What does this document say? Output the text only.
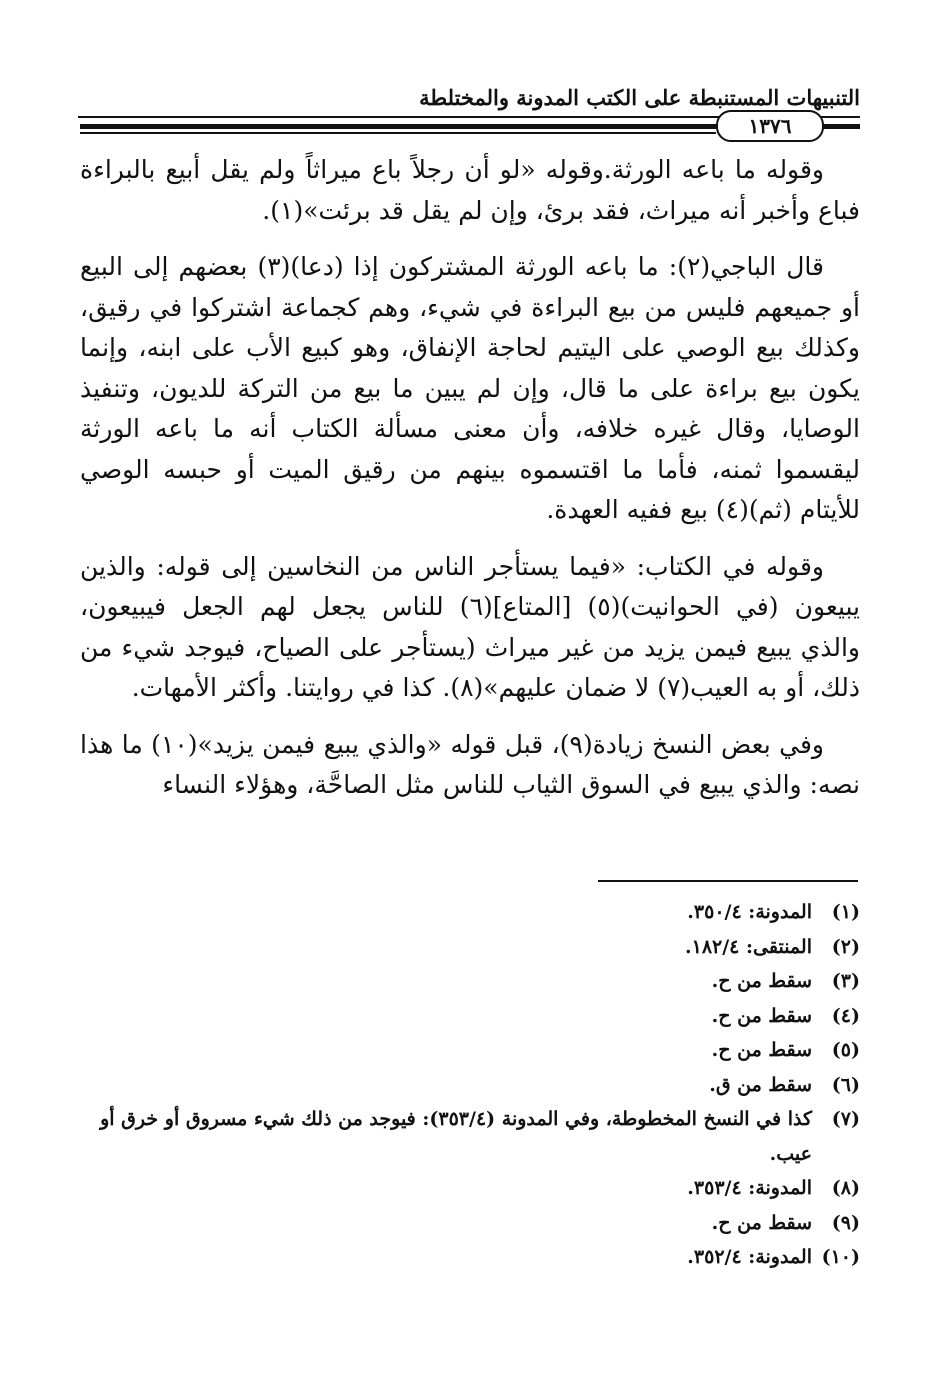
التنبيهات المستنبطة على الكتب المدونة والمختلطة
١٣٧٦

وقوله ما باعه الورثة.وقوله «لو أن رجلاً باع ميراثاً ولم يقل أبيع بالبراءة فباع وأخبر أنه ميراث، فقد برئ، وإن لم يقل قد برئت»(١).

قال الباجي(٢): ما باعه الورثة المشتركون إذا (دعا)(٣) بعضهم إلى البيع أو جميعهم فليس من بيع البراءة في شيء، وهم كجماعة اشتركوا في رقيق، وكذلك بيع الوصي على اليتيم لحاجة الإنفاق، وهو كبيع الأب على ابنه، وإنما يكون بيع براءة على ما قال، وإن لم يبين ما بيع من التركة للديون، وتنفيذ الوصايا، وقال غيره خلافه، وأن معنى مسألة الكتاب أنه ما باعه الورثة ليقسموا ثمنه، فأما ما اقتسموه بينهم من رقيق الميت أو حبسه الوصي للأيتام (ثم)(٤) بيع ففيه العهدة.

وقوله في الكتاب: «فيما يستأجر الناس من النخاسين إلى قوله: والذين يبيعون (في الحوانيت)(٥) [المتاع](٦) للناس يجعل لهم الجعل فيبيعون، والذي يبيع فيمن يزيد من غير ميراث (يستأجر على الصياح، فيوجد شيء من ذلك، أو به العيب(٧) لا ضمان عليهم»(٨). كذا في روايتنا. وأكثر الأمهات.

وفي بعض النسخ زيادة(٩)، قبل قوله «والذي يبيع فيمن يزيد»(١٠) ما هذا نصه: والذي يبيع في السوق الثياب للناس مثل الصاحَّة، وهؤلاء النساء

(١)
المدونة: ٣٥٠/٤.
(٢)
المنتقى: ١٨٢/٤.
(٣)
سقط من ح.
(٤)
سقط من ح.
(٥)
سقط من ح.
(٦)
سقط من ق.
(٧)
كذا في النسخ المخطوطة، وفي المدونة (٣٥٣/٤): فيوجد من ذلك شيء مسروق أو خرق أو عيب.
(٨)
المدونة: ٣٥٣/٤.
(٩)
سقط من ح.
(١٠)
المدونة: ٣٥٢/٤.
